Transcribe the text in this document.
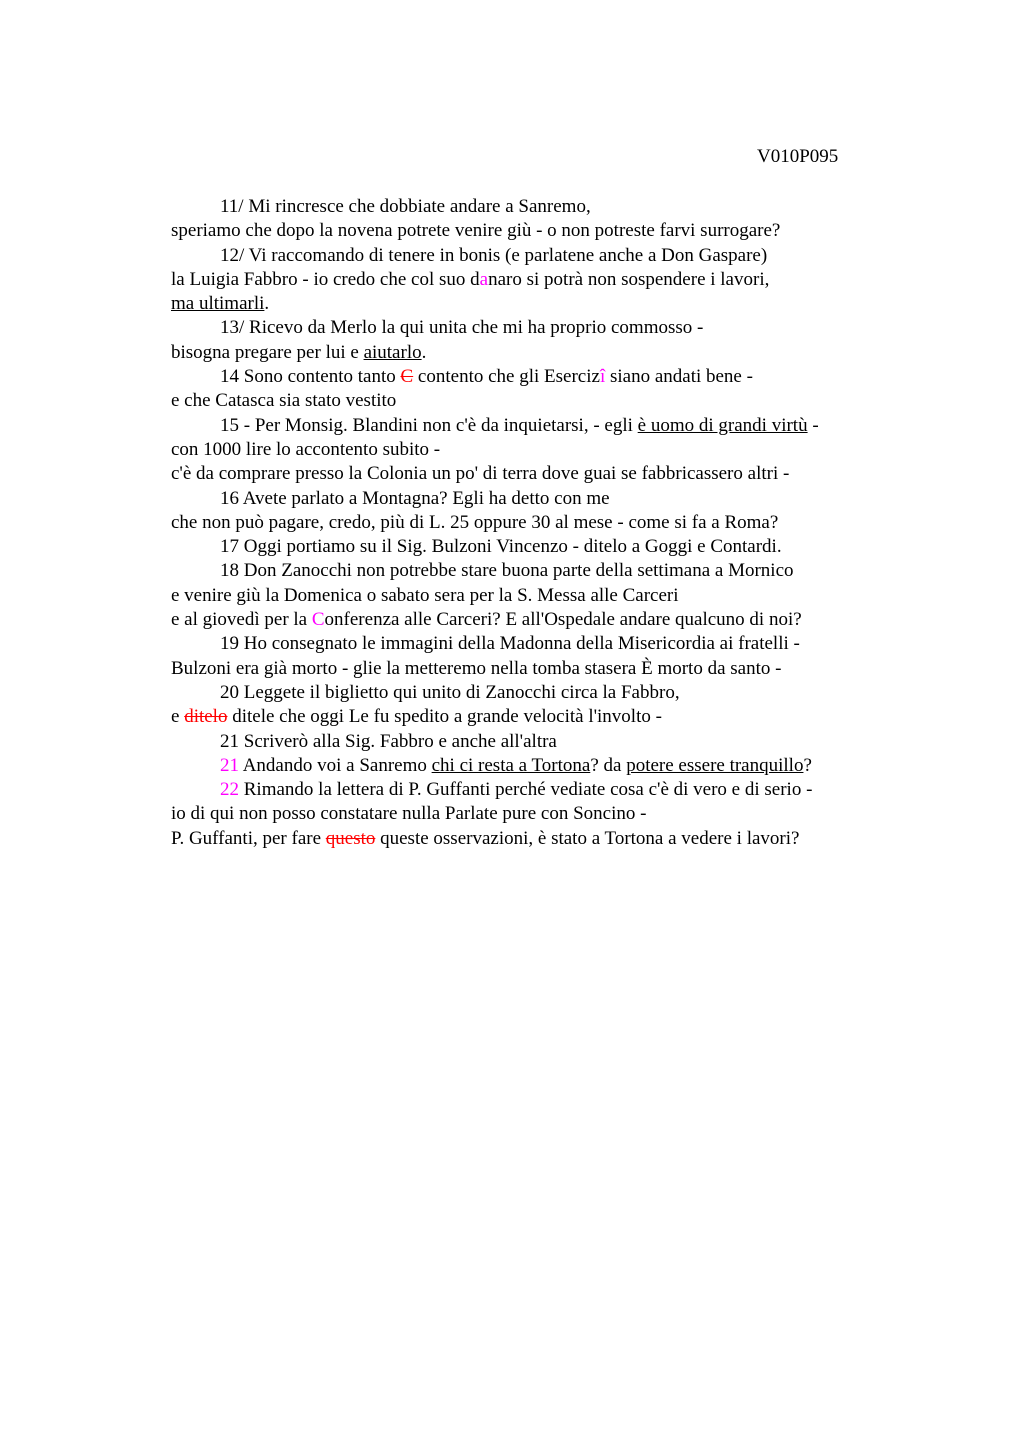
V010P095
11/ Mi rincresce che dobbiate andare a Sanremo,
speriamo che dopo la novena potrete venire giù - o non potreste farvi surrogare?
12/ Vi raccomando di tenere in bonis (e parlatene anche a Don Gaspare)
la Luigia Fabbro - io credo che col suo danaro si potrà non sospendere i lavori,
ma ultimarli.
13/ Ricevo da Merlo la qui unita che mi ha proprio commosso -
bisogna pregare per lui e aiutarlo.
14 Sono contento tanto C contento che gli Esercizî siano andati bene -
e che Catasca sia stato vestito
15 - Per Monsig. Blandini non c'è da inquietarsi, - egli è uomo di grandi virtù -
con 1000 lire lo accontento subito -
c'è da comprare presso la Colonia un po' di terra dove guai se fabbricassero altri -
16 Avete parlato a Montagna? Egli ha detto con me
che non può pagare, credo, più di L. 25 oppure 30 al mese - come si fa a Roma?
17 Oggi portiamo su il Sig. Bulzoni Vincenzo - ditelo a Goggi e Contardi.
18 Don Zanocchi non potrebbe stare buona parte della settimana a Mornico
e venire giù la Domenica o sabato sera per la S. Messa alle Carceri
e al giovedì per la Conferenza alle Carceri? E all'Ospedale andare qualcuno di noi?
19 Ho consegnato le immagini della Madonna della Misericordia ai fratelli -
Bulzoni era già morto - glie la metteremo nella tomba stasera È morto da santo -
20 Leggete il biglietto qui unito di Zanocchi circa la Fabbro,
e ditelo ditele che oggi Le fu spedito a grande velocità l'involto -
21 Scriverò alla Sig. Fabbro e anche all'altra
21 Andando voi a Sanremo chi ci resta a Tortona? da potere essere tranquillo?
22 Rimando la lettera di P. Guffanti perché vediate cosa c'è di vero e di serio -
io di qui non posso constatare nulla Parlate pure con Soncino -
P. Guffanti, per fare questo queste osservazioni, è stato a Tortona a vedere i lavori?
